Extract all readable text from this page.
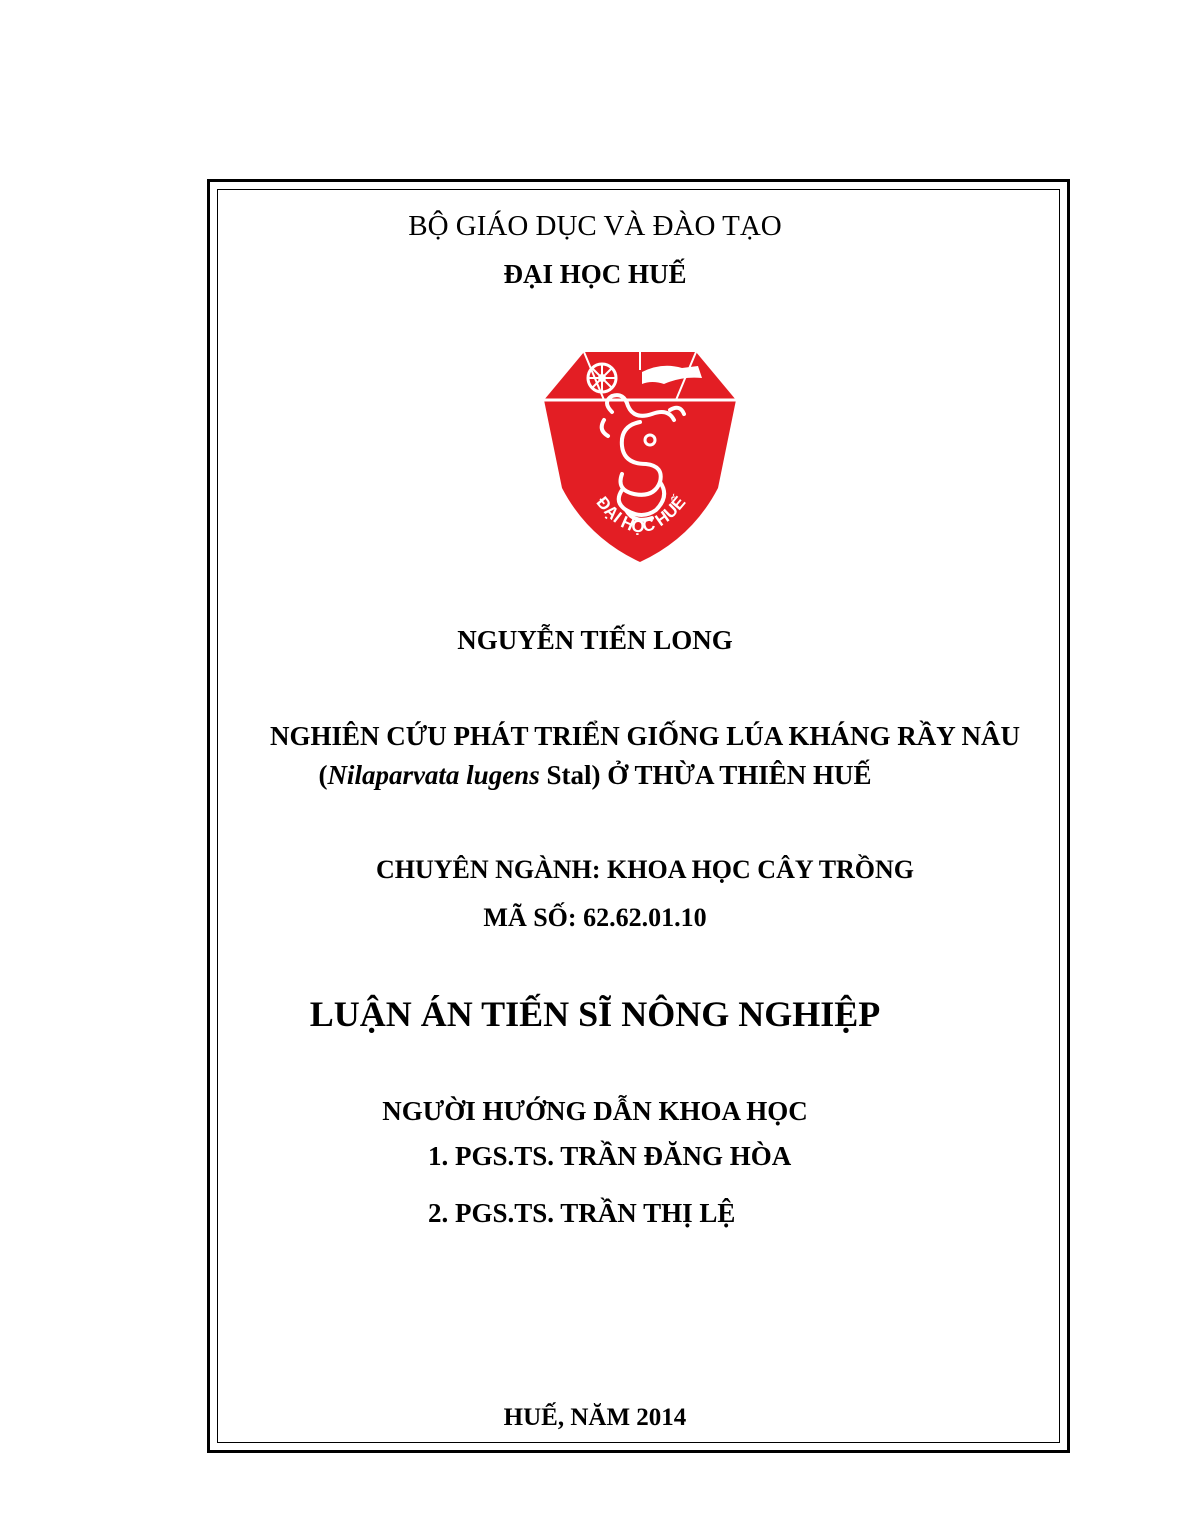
BỘ GIÁO DỤC VÀ ĐÀO TẠO
ĐẠI HỌC HUẾ
ĐẠI HỌC HUẾ
NGUYỄN TIẾN LONG
NGHIÊN CỨU PHÁT TRIỂN GIỐNG LÚA KHÁNG RẦY NÂU
(Nilaparvata lugens Stal) Ở THỪA THIÊN HUẾ
CHUYÊN NGÀNH: KHOA HỌC CÂY TRỒNG
MÃ SỐ: 62.62.01.10
LUẬN ÁN TIẾN SĨ NÔNG NGHIỆP
NGƯỜI HƯỚNG DẪN KHOA HỌC
1. PGS.TS. TRẦN ĐĂNG HÒA
2. PGS.TS. TRẦN THỊ LỆ
HUẾ, NĂM 2014
